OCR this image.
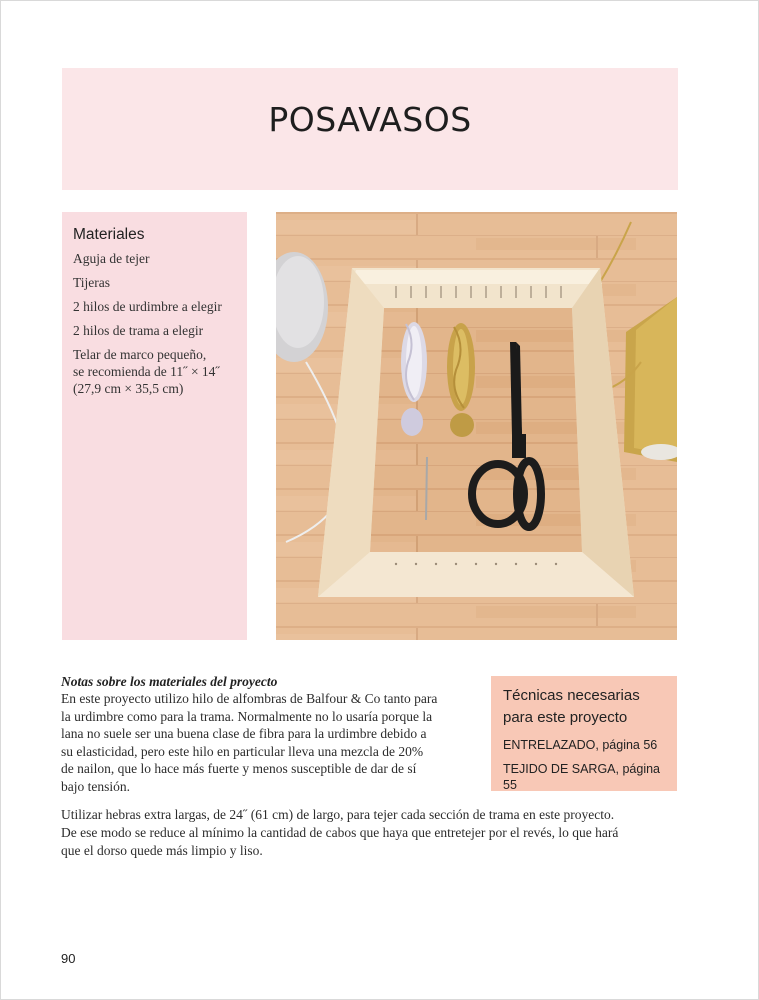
POSAVASOS
Materiales
Aguja de tejer
Tijeras
2 hilos de urdimbre a elegir
2 hilos de trama a elegir
Telar de marco pequeño,
se recomienda de 11˝ × 14˝
(27,9 cm × 35,5 cm)
Notas sobre los materiales del proyecto

En este proyecto utilizo hilo de alfombras de Balfour & Co tanto para

la urdimbre como para la trama. Normalmente no lo usaría porque la

lana no suele ser una buena clase de fibra para la urdimbre debido a

su elasticidad, pero este hilo en particular lleva una mezcla de 20%

de nailon, que lo hace más fuerte y menos susceptible de dar de sí

bajo tensión.

Técnicas necesarias
para este proyecto
ENTRELAZADO, página 56
TEJIDO DE SARGA, página 55

Utilizar hebras extra largas, de 24˝ (61 cm) de largo, para tejer cada sección de trama en este proyecto.

De ese modo se reduce al mínimo la cantidad de cabos que haya que entretejer por el revés, lo que hará

que el dorso quede más limpio y liso.

90
